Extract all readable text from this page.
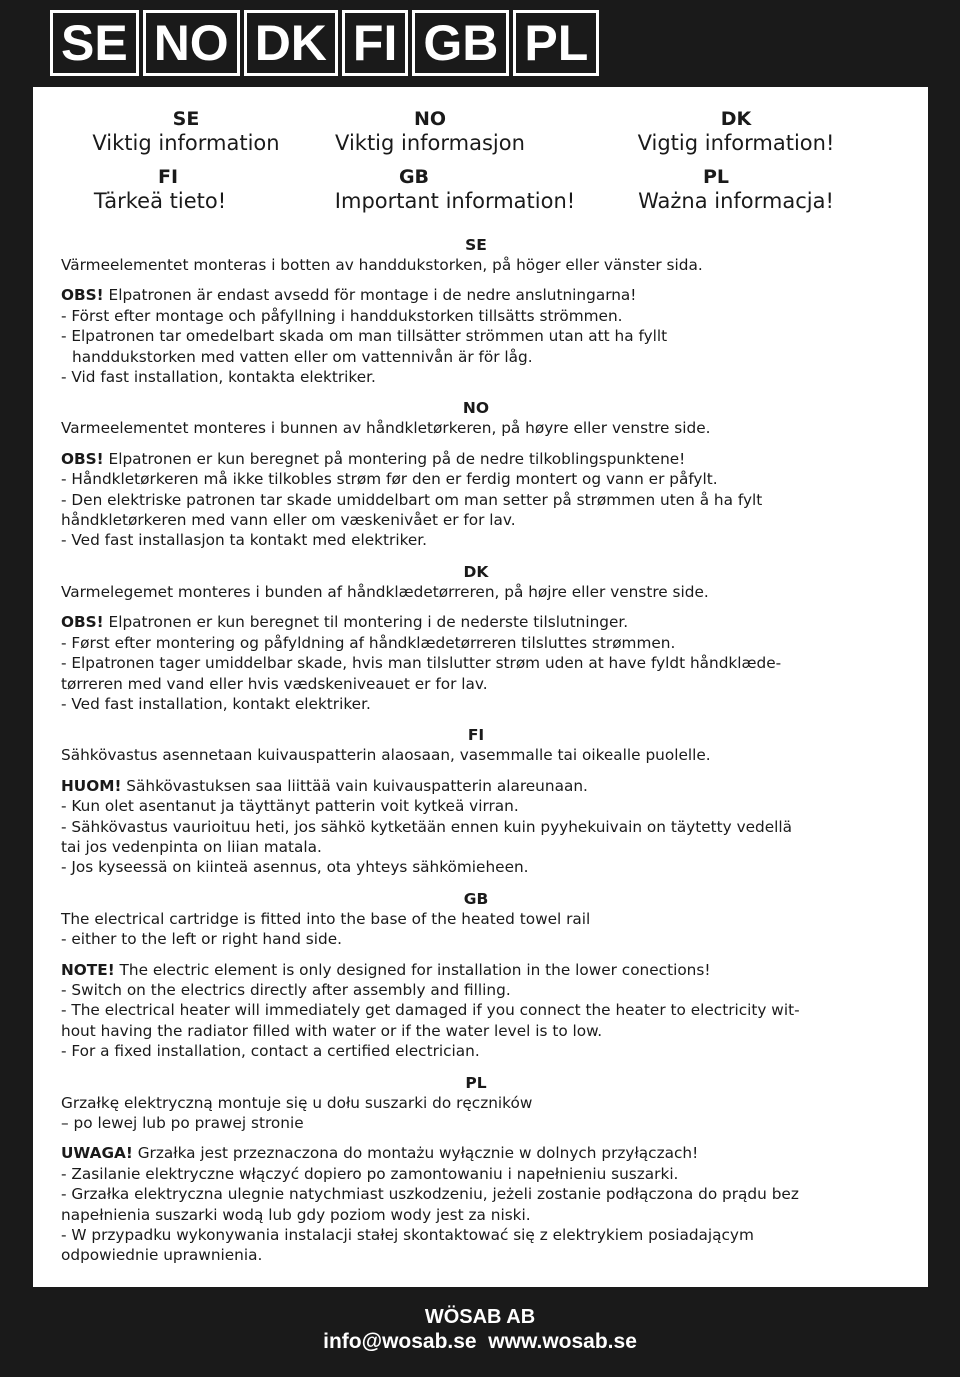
SE NO DK FI GB PL
SE
Viktig information
NO
Viktig informasjon
DK
Vigtig information!
FI
Tärkeä tieto!
GB
Important information!
PL
Ważna informacja!

SE

Värmeelementet monteras i botten av handdukstorken, på höger eller vänster sida.

OBS! Elpatronen är endast avsedd för montage i de nedre anslutningarna!

- Först efter montage och påfyllning i handdukstorken tillsätts strömmen.

- Elpatronen tar omedelbart skada om man tillsätter strömmen utan att ha fyllt

handdukstorken med vatten eller om vattennivån är för låg.

- Vid fast installation, kontakta elektriker.

NO

Varmeelementet monteres i bunnen av håndkletørkeren, på høyre eller venstre side.

OBS! Elpatronen er kun beregnet på montering på de nedre tilkoblingspunktene!

- Håndkletørkeren må ikke tilkobles strøm før den er ferdig montert og vann er påfylt.

- Den elektriske patronen tar skade umiddelbart om man setter på strømmen uten å ha fylt

håndkletørkeren med vann eller om væskenivået er for lav.

- Ved fast installasjon ta kontakt med elektriker.

DK

Varmelegemet monteres i bunden af håndklædetørreren, på højre eller venstre side.

OBS! Elpatronen er kun beregnet til montering i de nederste tilslutninger.

- Først efter montering og påfyldning af håndklædetørreren tilsluttes strømmen.

- Elpatronen tager umiddelbar skade, hvis man tilslutter strøm uden at have fyldt håndklæde-

tørreren med vand eller hvis vædskeniveauet er for lav.

- Ved fast installation, kontakt elektriker.

FI

Sähkövastus asennetaan kuivauspatterin alaosaan, vasemmalle tai oikealle puolelle.

HUOM! Sähkövastuksen saa liittää vain kuivauspatterin alareunaan.

- Kun olet asentanut ja täyttänyt patterin voit kytkeä virran.

- Sähkövastus vaurioituu heti, jos sähkö kytketään ennen kuin pyyhekuivain on täytetty vedellä

tai jos vedenpinta on liian matala.

- Jos kyseessä on kiinteä asennus, ota yhteys sähkömieheen.

GB

The electrical cartridge is fitted into the base of the heated towel rail

- either to the left or right hand side.

NOTE! The electric element is only designed for installation in the lower conections!

- Switch on the electrics directly after assembly and filling.

- The electrical heater will immediately get damaged if you connect the heater to electricity wit-

hout having the radiator filled with water or if the water level is to low.

- For a fixed installation, contact a certified electrician.

PL

Grzałkę elektryczną montuje się u dołu suszarki do ręczników

– po lewej lub po prawej stronie

UWAGA! Grzałka jest przeznaczona do montażu wyłącznie w dolnych przyłączach!

- Zasilanie elektryczne włączyć dopiero po zamontowaniu i napełnieniu suszarki.

- Grzałka elektryczna ulegnie natychmiast uszkodzeniu, jeżeli zostanie podłączona do prądu bez

napełnienia suszarki wodą lub gdy poziom wody jest za niski.

- W przypadku wykonywania instalacji stałej skontaktować się z elektrykiem posiadającym

odpowiednie uprawnienia.

WÖSAB AB
info@wosab.se  www.wosab.se
